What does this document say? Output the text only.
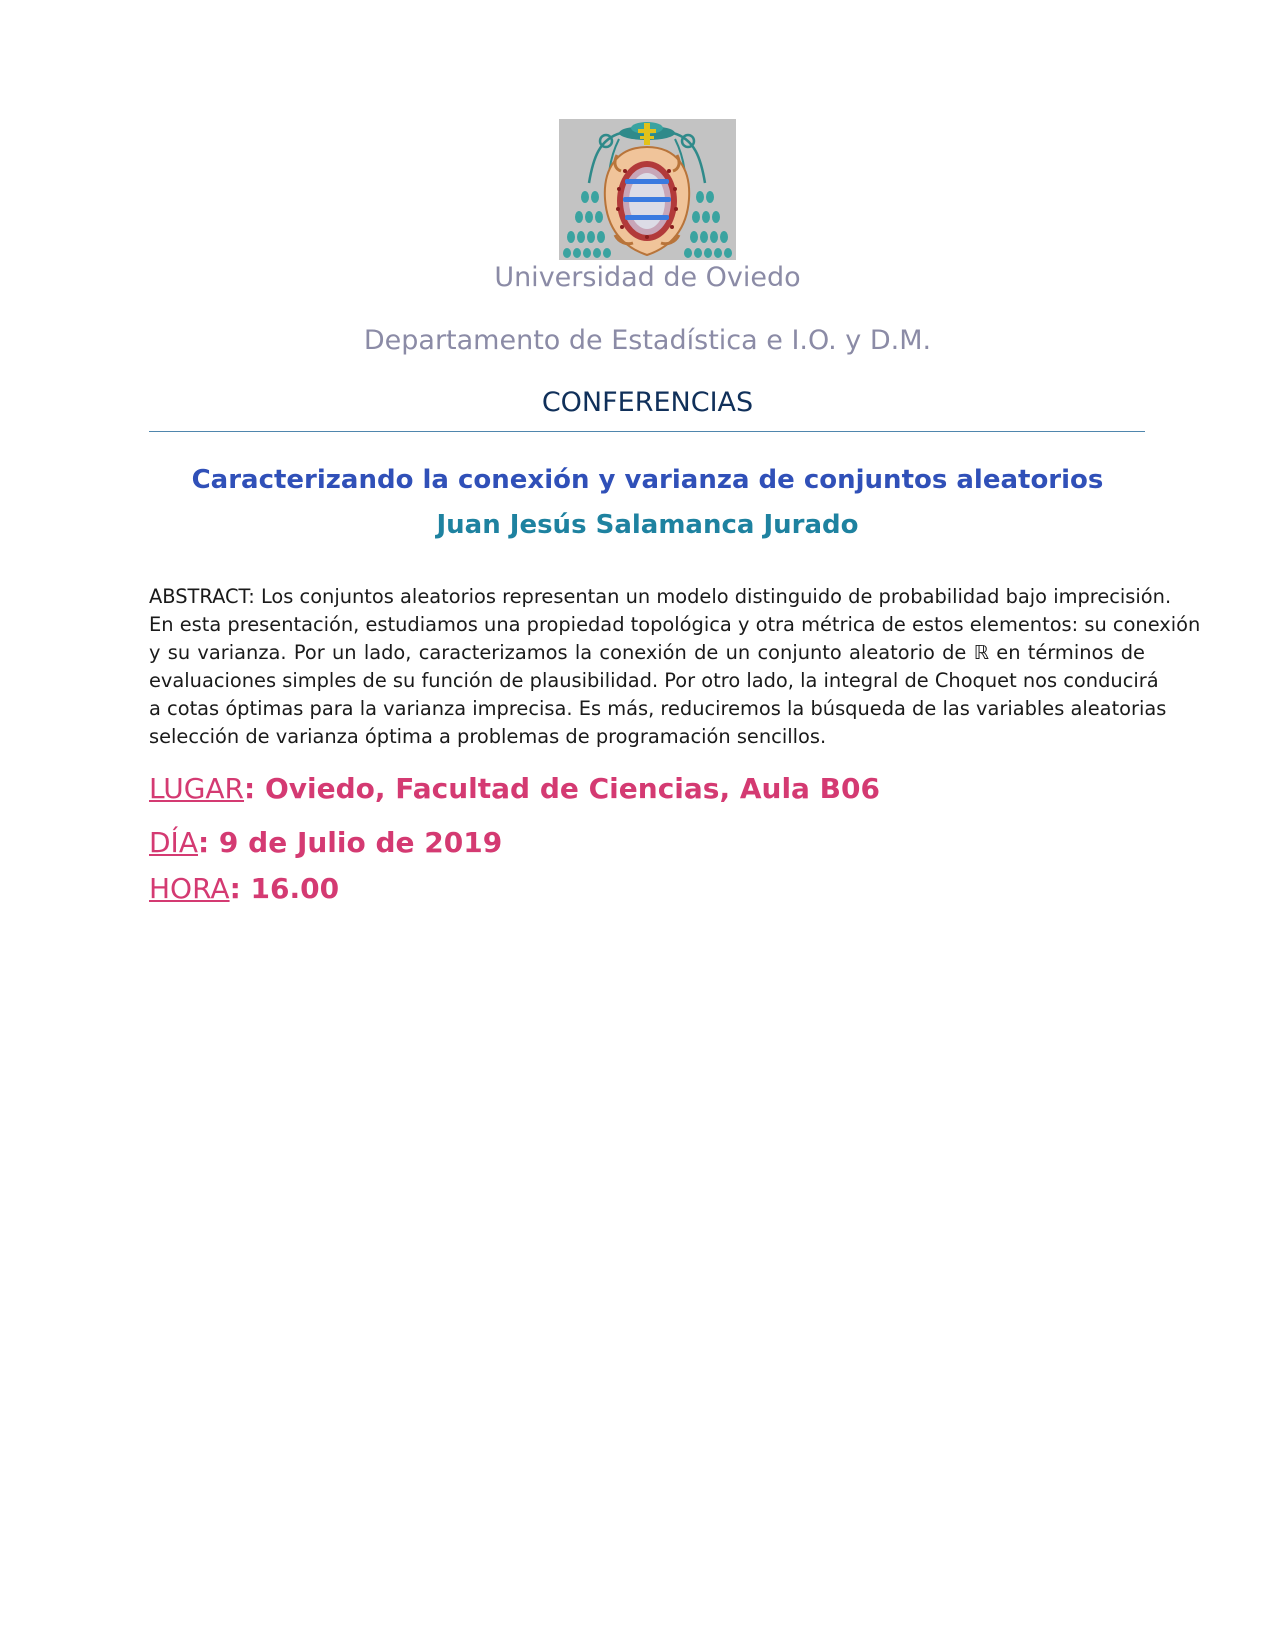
Universidad de Oviedo
Departamento de Estadística e I.O. y D.M.
CONFERENCIAS
Caracterizando la conexión y varianza de conjuntos aleatorios
Juan Jesús Salamanca Jurado
ABSTRACT: Los conjuntos aleatorios representan un modelo distinguido de probabilidad bajo imprecisión.
En esta presentación, estudiamos una propiedad topológica y otra métrica de estos elementos: su conexión
y su varianza. Por un lado, caracterizamos la conexión de un conjunto aleatorio de ℝ en términos de
evaluaciones simples de su función de plausibilidad. Por otro lado, la integral de Choquet nos conducirá
a cotas óptimas para la varianza imprecisa. Es más, reduciremos la búsqueda de las variables aleatorias
selección de varianza óptima a problemas de programación sencillos.
LUGAR: Oviedo, Facultad de Ciencias, Aula B06
DÍA: 9 de Julio de 2019
HORA: 16.00
